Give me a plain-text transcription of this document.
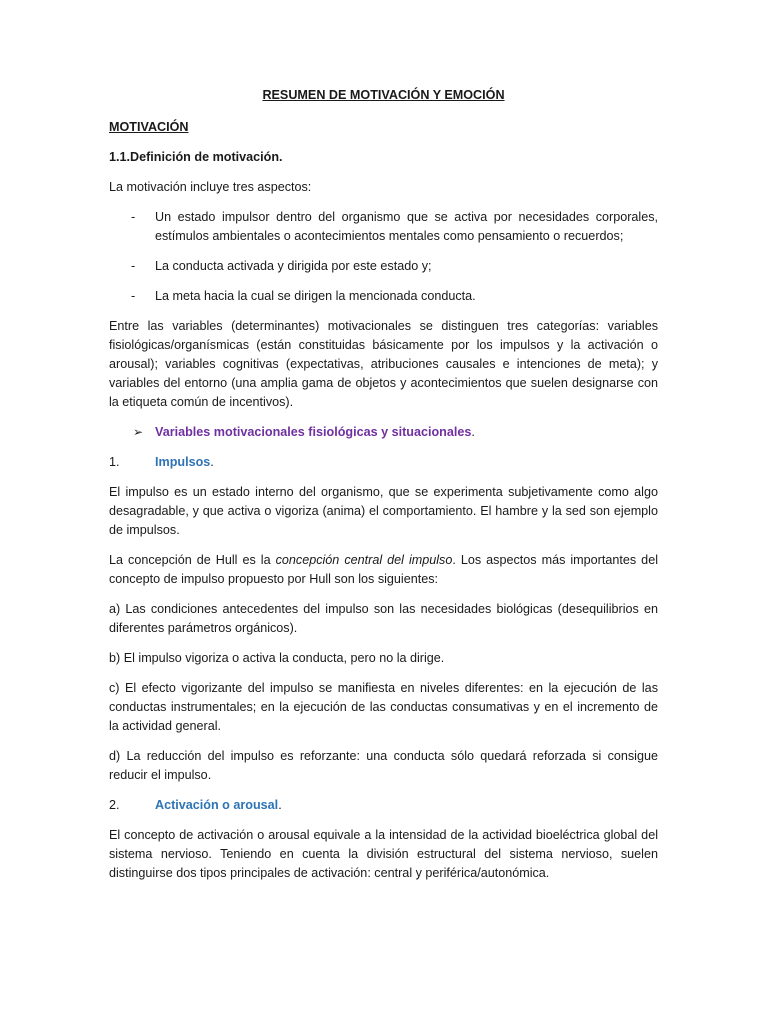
RESUMEN DE MOTIVACIÓN Y EMOCIÓN
MOTIVACIÓN
1.1.Definición de motivación.

La motivación incluye tres aspectos:

- Un estado impulsor dentro del organismo que se activa por necesidades corporales, estímulos ambientales o acontecimientos mentales como pensamiento o recuerdos;
- La conducta activada y dirigida por este estado y;
- La meta hacia la cual se dirigen la mencionada conducta.

Entre las variables (determinantes) motivacionales se distinguen tres categorías: variables fisiológicas/organísmicas (están constituidas básicamente por los impulsos y la activación o arousal); variables cognitivas (expectativas, atribuciones causales e intenciones de meta); y variables del entorno (una amplia gama de objetos y acontecimientos que suelen designarse con la etiqueta común de incentivos).

➢ Variables motivacionales fisiológicas y situacionales.
1.	Impulsos.

El impulso es un estado interno del organismo, que se experimenta subjetivamente como algo desagradable, y que activa o vigoriza (anima) el comportamiento. El hambre y la sed son ejemplo de impulsos.

La concepción de Hull es la concepción central del impulso. Los aspectos más importantes del concepto de impulso propuesto por Hull son los siguientes:

a) Las condiciones antecedentes del impulso son las necesidades biológicas (desequilibrios en diferentes parámetros orgánicos).

b) El impulso vigoriza o activa la conducta, pero no la dirige.

c) El efecto vigorizante del impulso se manifiesta en niveles diferentes: en la ejecución de las conductas instrumentales; en la ejecución de las conductas consumativas y en el incremento de la actividad general.

d) La reducción del impulso es reforzante: una conducta sólo quedará reforzada si consigue reducir el impulso.

2.	Activación o arousal.

El concepto de activación o arousal equivale a la intensidad de la actividad bioeléctrica global del sistema nervioso. Teniendo en cuenta la división estructural del sistema nervioso, suelen distinguirse dos tipos principales de activación: central y periférica/autonómica.
